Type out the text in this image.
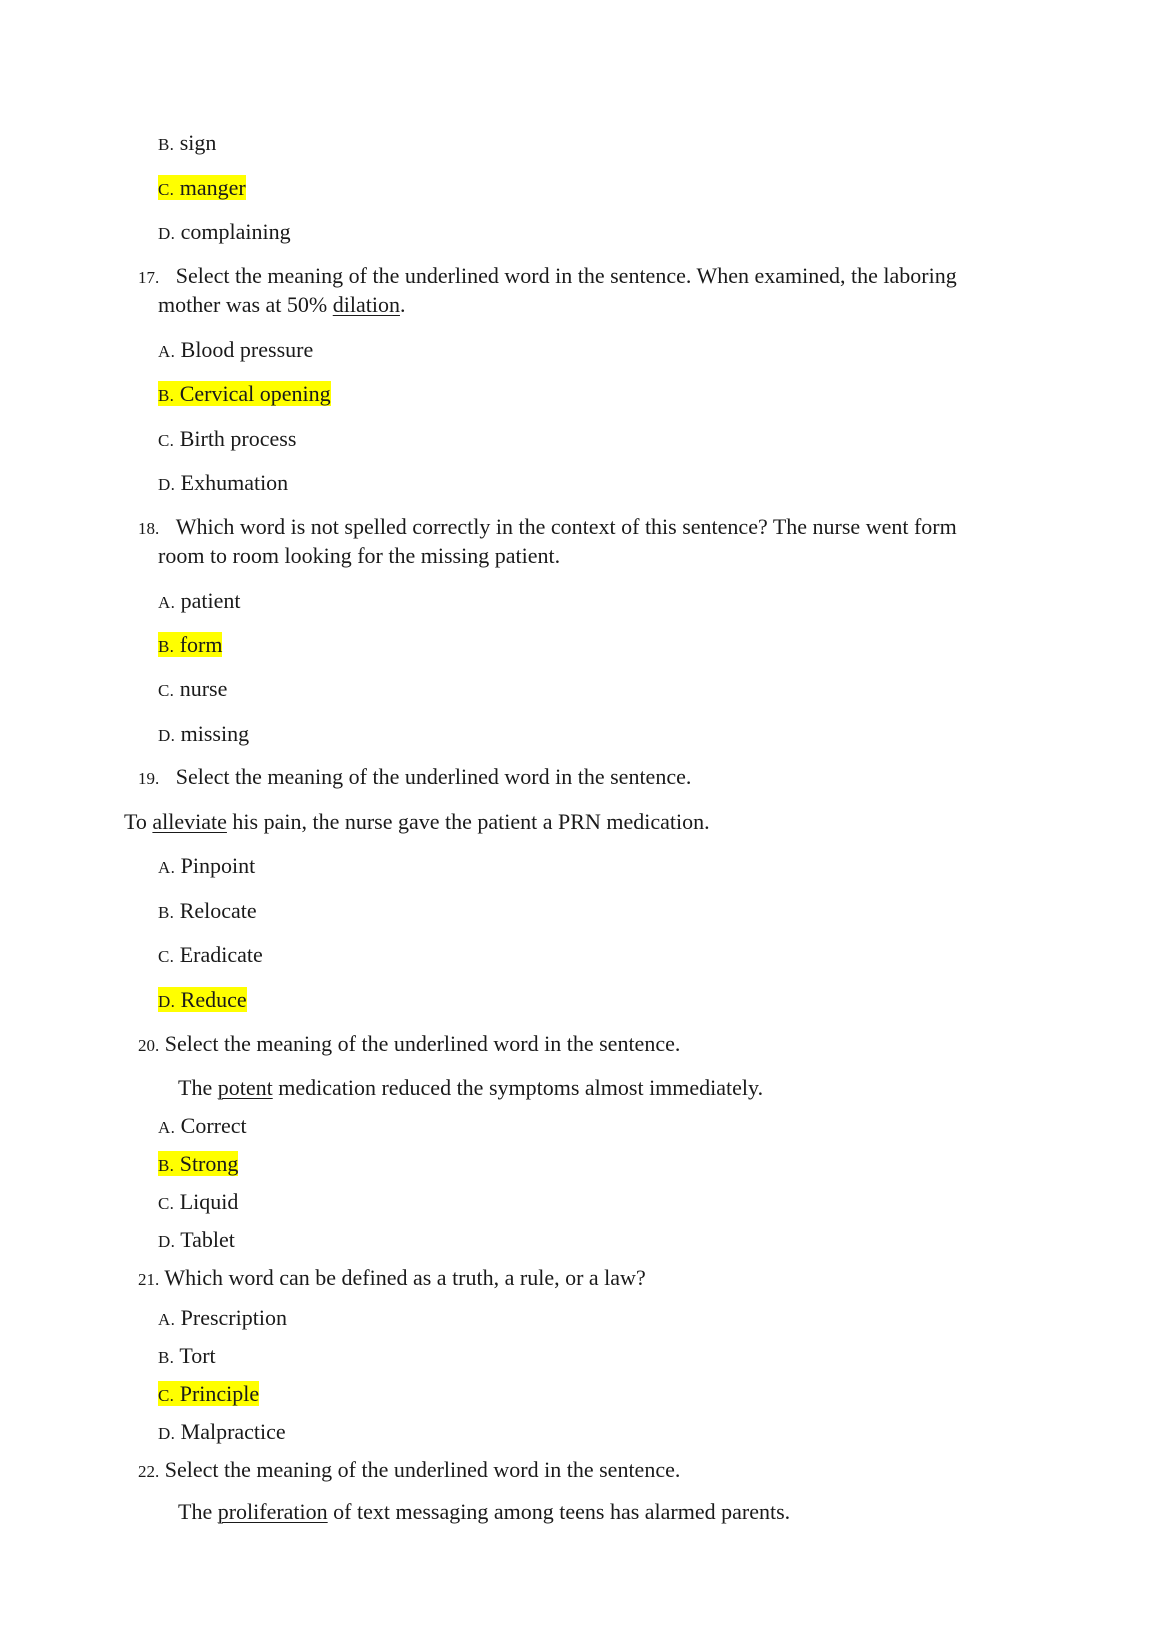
B. sign
C. manger
D. complaining
17. Select the meaning of the underlined word in the sentence. When examined, the laboring
mother was at 50% dilation.
A. Blood pressure
B. Cervical opening
C. Birth process
D. Exhumation
18. Which word is not spelled correctly in the context of this sentence? The nurse went form
room to room looking for the missing patient.
A. patient
B. form
C. nurse
D. missing
19. Select the meaning of the underlined word in the sentence.
To alleviate his pain, the nurse gave the patient a PRN medication.
A. Pinpoint
B. Relocate
C. Eradicate
D. Reduce
20. Select the meaning of the underlined word in the sentence.
The potent medication reduced the symptoms almost immediately.
A. Correct
B. Strong
C. Liquid
D. Tablet
21. Which word can be defined as a truth, a rule, or a law?
A. Prescription
B. Tort
C. Principle
D. Malpractice
22. Select the meaning of the underlined word in the sentence.
The proliferation of text messaging among teens has alarmed parents.
